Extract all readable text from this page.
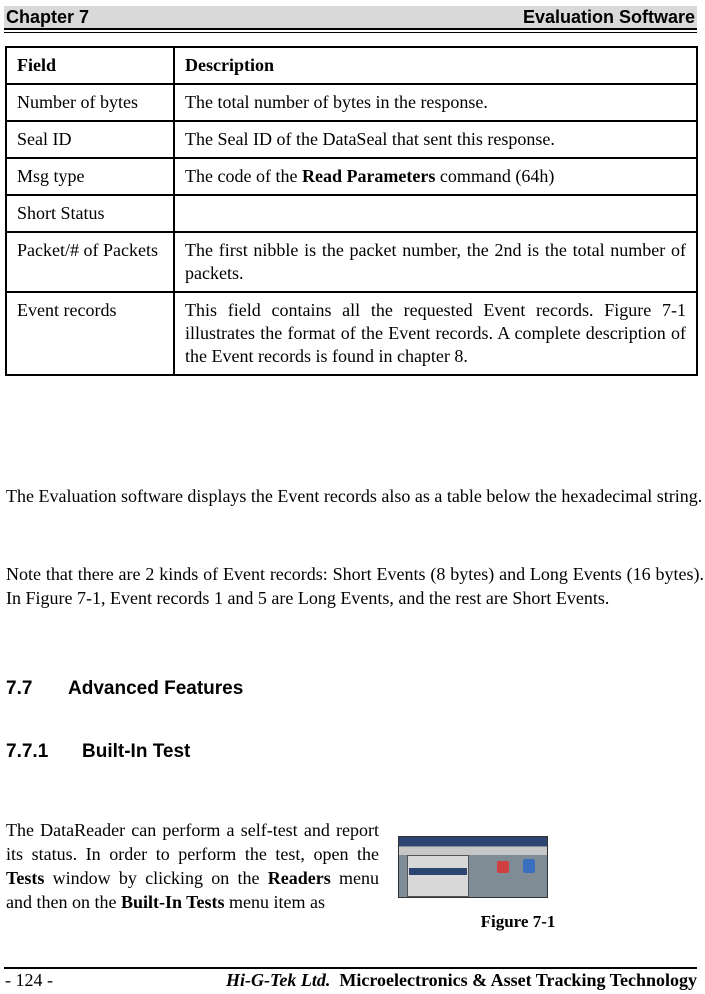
Chapter 7	Evaluation Software
Field	Description
Number of bytes	The total number of bytes in the response.
Seal ID	The Seal ID of the DataSeal that sent this response.
Msg type	The code of the Read Parameters command (64h)
Short Status	
Packet/# of Packets	The first nibble is the packet number, the 2nd is the total number of packets.
Event records	This field contains all the requested Event records. Figure 7-1 illustrates the format of the Event records. A complete description of the Event records is found in chapter 8.

The Evaluation software displays the Event records also as a table below the hexadecimal string.

Note that there are 2 kinds of Event records: Short Events (8 bytes) and Long Events (16 bytes). In Figure 7-1, Event records 1 and 5 are Long Events, and the rest are Short Events.

7.7 Advanced Features
7.7.1 Built-In Test

The DataReader can perform a self-test and report its status. In order to perform the test, open the Tests window by clicking on the Readers menu and then on the Built-In Tests menu item as

Figure 7-1
- 124 -	Hi-G-Tek Ltd. Microelectronics & Asset Tracking Technology
